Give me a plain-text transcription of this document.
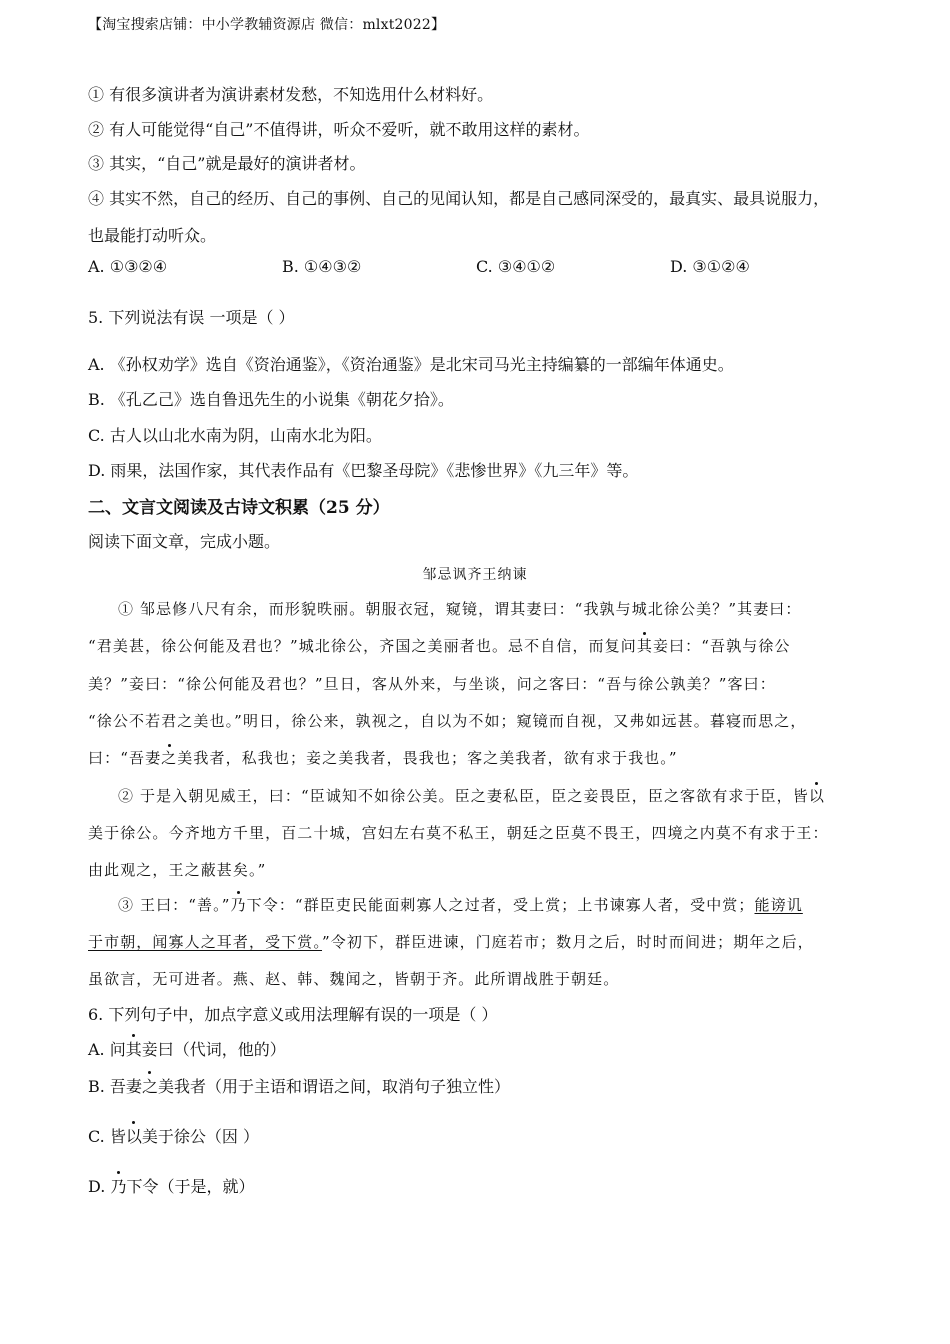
【淘宝搜索店铺：中小学教辅资源店 微信：mlxt2022】
① 有很多演讲者为演讲素材发愁，不知选用什么材料好。
② 有人可能觉得“自己”不值得讲，听众不爱听，就不敢用这样的素材。
③ 其实，“自己”就是最好的演讲者材。
④ 其实不然，自己的经历、自己的事例、自己的见闻认知，都是自己感同深受的，最真实、最具说服力，
也最能打动听众。
A. ①③②④	B. ①④③②	C. ③④①②	D. ③①②④
5. 下列说法有误 一项是（ ）
A. 《孙权劝学》选自《资治通鉴》，《资治通鉴》是北宋司马光主持编纂的一部编年体通史。
B. 《孔乙己》选自鲁迅先生的小说集《朝花夕拾》。
C. 古人以山北水南为阴，山南水北为阳。
D. 雨果，法国作家，其代表作品有《巴黎圣母院》《悲惨世界》《九三年》等。
二、文言文阅读及古诗文积累（25 分）
阅读下面文章，完成小题。
邹忌讽齐王纳谏
① 邹忌修八尺有余，而形貌昳丽。朝服衣冠，窥镜，谓其妻曰：“我孰与城北徐公美？”其妻曰：
“君美甚，徐公何能及君也？”城北徐公，齐国之美丽者也。忌不自信，而复问其妾曰：“吾孰与徐公
美？”妾曰：“徐公何能及君也？”旦日，客从外来，与坐谈，问之客曰：“吾与徐公孰美？”客曰：
“徐公不若君之美也。”明日，徐公来，孰视之，自以为不如；窥镜而自视，又弗如远甚。暮寝而思之，
曰：“吾妻之美我者，私我也；妾之美我者，畏我也；客之美我者，欲有求于我也。”
② 于是入朝见威王，曰：“臣诚知不如徐公美。臣之妻私臣，臣之妾畏臣，臣之客欲有求于臣，皆以
美于徐公。今齐地方千里，百二十城，宫妇左右莫不私王，朝廷之臣莫不畏王，四境之内莫不有求于王：
由此观之，王之蔽甚矣。”
③ 王曰：“善。”乃下令：“群臣吏民能面刺寡人之过者，受上赏；上书谏寡人者，受中赏；能谤讥
于市朝，闻寡人之耳者，受下赏。”令初下，群臣进谏，门庭若市；数月之后，时时而间进；期年之后，
虽欲言，无可进者。燕、赵、韩、魏闻之，皆朝于齐。此所谓战胜于朝廷。
6. 下列句子中，加点字意义或用法理解有误的一项是（ ）
A. 问其妾曰（代词，他的）
B. 吾妻之美我者（用于主语和谓语之间，取消句子独立性）
C. 皆以美于徐公（因 ）
D. 乃下令（于是，就）
